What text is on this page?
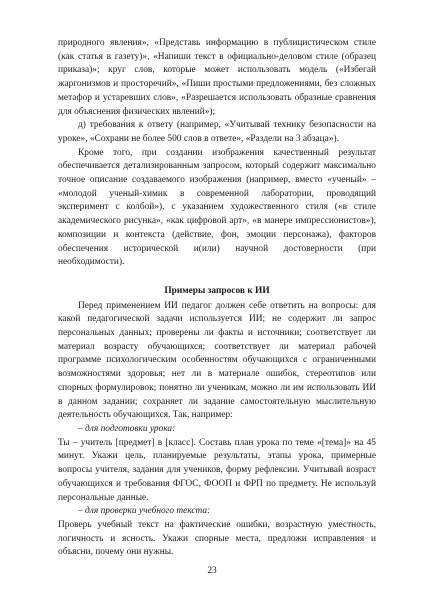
природного явления», «Представь информацию в публицистическом стиле (как статья в газету)», «Напиши текст в официально-деловом стиле (образец приказа)»; круг слов, которые может использовать модель («Избегай жаргонизмов и просторечий», «Пиши простыми предложениями, без сложных метафор и устаревших слов», «Разрешается использовать образные сравнения для объяснения физических явлений»);

д) требования к ответу (например, «Учитывай технику безопасности на уроке», «Сохрани не более 500 слов в ответе», «Раздели на 3 абзаца»).

Кроме того, при создании изображения качественный результат обеспечивается детализированным запросом, который содержит максимально точное описание создаваемого изображения (например, вместо «ученый» – «молодой ученый-химик в современной лаборатории, проводящий эксперимент с колбой»), с указанием художественного стиля («в стиле академического рисунка», «как цифровой арт», «в манере импрессионистов»), композиции и контекста (действие, фон, эмоции персонажа), факторов обеспечения исторической и(или) научной достоверности (при необходимости).

Примеры запросов к ИИ

Перед применением ИИ педагог должен себе ответить на вопросы: для какой педагогической задачи используется ИИ; не содержит ли запрос персональных данных; проверены ли факты и источники; соответствует ли материал возрасту обучающихся; соответствует ли материал рабочей программе психологическим особенностям обучающихся с ограниченными возможностями здоровья; нет ли в материале ошибок, стереотипов или спорных формулировок; понятно ли ученикам, можно ли им использовать ИИ в данном задании; сохраняет ли задание самостоятельную мыслительную деятельность обучающихся. Так, например:

– для подготовки урока:

Ты – учитель [предмет] в [класс]. Составь план урока по теме «[тема]» на 45 минут. Укажи цель, планируемые результаты, этапы урока, примерные вопросы учителя, задания для учеников, форму рефлексии. Учитывай возраст обучающихся и требования ФГОС, ФООП и ФРП по предмету. Не используй персональные данные.

– для проверки учебного текста:

Проверь учебный текст на фактические ошибки, возрастную уместность, логичность и ясность. Укажи спорные места, предложи исправления и объясни, почему они нужны.

23
